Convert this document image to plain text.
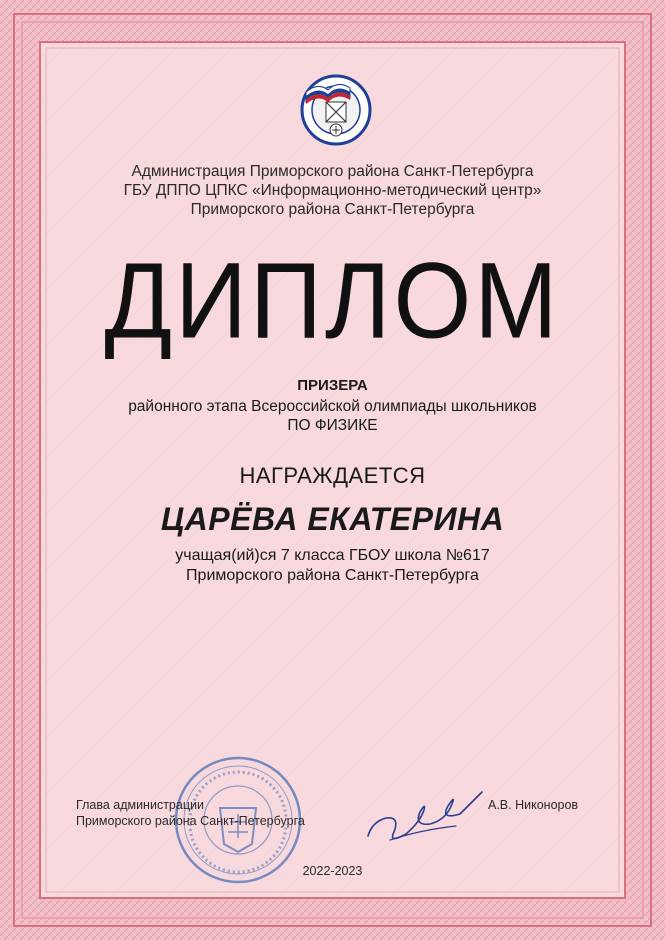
Администрация Приморского района Санкт-Петербурга
ГБУ ДППО ЦПКС «Информационно-методический центр»
Приморского района Санкт-Петербурга
ДИПЛОМ
ПРИЗЕРА
районного этапа Всероссийской олимпиады школьников
ПО ФИЗИКЕ
НАГРАЖДАЕТСЯ
ЦАРЁВА ЕКАТЕРИНА
учащая(ий)ся 7 класса ГБОУ школа №617
Приморского района Санкт-Петербурга
Глава администрации
Приморского района Санкт-Петербурга
А.В. Никоноров
2022-2023
